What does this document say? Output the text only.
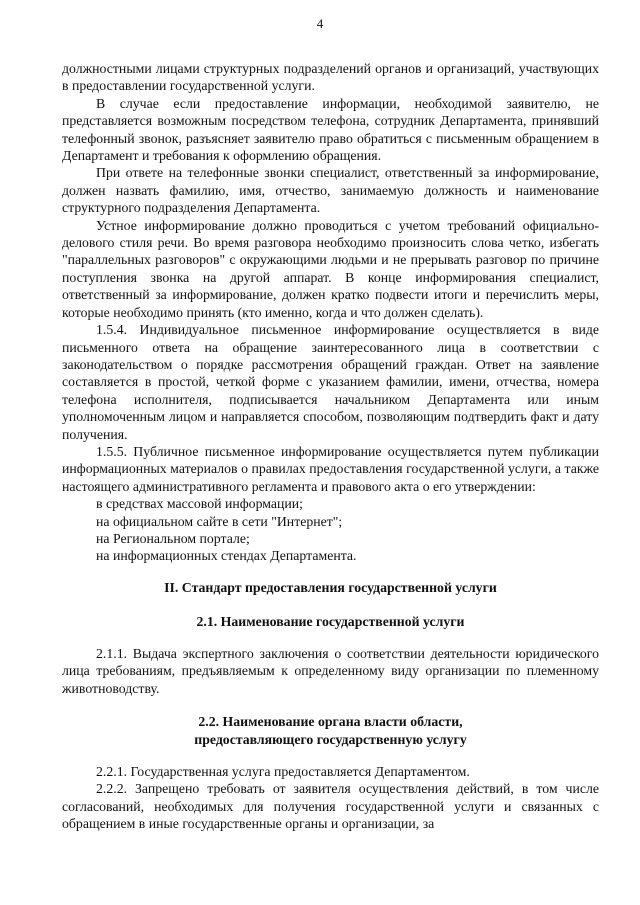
4

должностными лицами структурных подразделений органов и организаций, участвующих в предоставлении государственной услуги.

В случае если предоставление информации, необходимой заявителю, не представляется возможным посредством телефона, сотрудник Департамента, принявший телефонный звонок, разъясняет заявителю право обратиться с письменным обращением в Департамент и требования к оформлению обращения.

При ответе на телефонные звонки специалист, ответственный за информирование, должен назвать фамилию, имя, отчество, занимаемую должность и наименование структурного подразделения Департамента.

Устное информирование должно проводиться с учетом требований официально-делового стиля речи. Во время разговора необходимо произносить слова четко, избегать "параллельных разговоров" с окружающими людьми и не прерывать разговор по причине поступления звонка на другой аппарат. В конце информирования специалист, ответственный за информирование, должен кратко подвести итоги и перечислить меры, которые необходимо принять (кто именно, когда и что должен сделать).

1.5.4. Индивидуальное письменное информирование осуществляется в виде письменного ответа на обращение заинтересованного лица в соответствии с законодательством о порядке рассмотрения обращений граждан. Ответ на заявление составляется в простой, четкой форме с указанием фамилии, имени, отчества, номера телефона исполнителя, подписывается начальником Департамента или иным уполномоченным лицом и направляется способом, позволяющим подтвердить факт и дату получения.

1.5.5. Публичное письменное информирование осуществляется путем публикации информационных материалов о правилах предоставления государственной услуги, а также настоящего административного регламента и правового акта о его утверждении:

в средствах массовой информации;

на официальном сайте в сети "Интернет";

на Региональном портале;

на информационных стендах Департамента.

II. Стандарт предоставления государственной услуги
2.1. Наименование государственной услуги

2.1.1. Выдача экспертного заключения о соответствии деятельности юридического лица требованиям, предъявляемым к определенному виду организации по племенному животноводству.

2.2. Наименование органа власти области,
предоставляющего государственную услугу

2.2.1. Государственная услуга предоставляется Департаментом.

2.2.2. Запрещено требовать от заявителя осуществления действий, в том числе согласований, необходимых для получения государственной услуги и связанных с обращением в иные государственные органы и организации, за
